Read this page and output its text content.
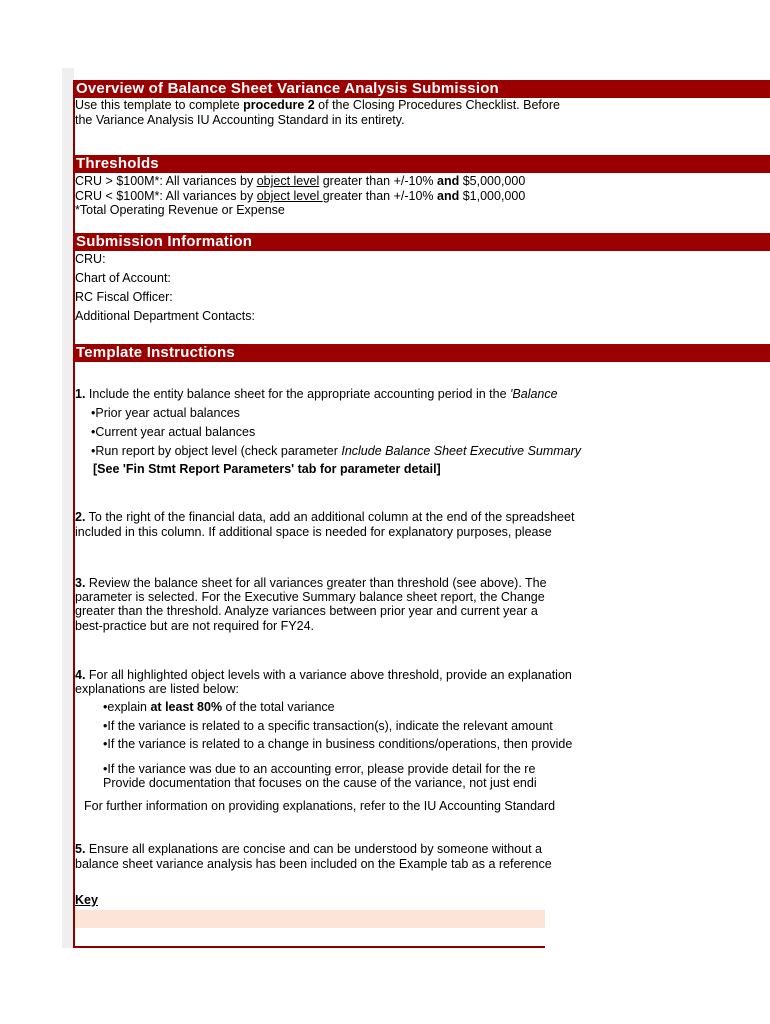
Overview of Balance Sheet Variance Analysis Submission
Use this template to complete procedure 2 of the Closing Procedures Checklist. Before
the Variance Analysis IU Accounting Standard in its entirety.
Thresholds
CRU > $100M*: All variances by object level greater than +/-10% and $5,000,000
CRU < $100M*: All variances by object level greater than +/-10% and $1,000,000
*Total Operating Revenue or Expense
Submission Information
CRU:
Chart of Account:
RC Fiscal Officer:
Additional Department Contacts:
Template Instructions
1. Include the entity balance sheet for the appropriate accounting period in the 'Balance
• Prior year actual balances
• Current year actual balances
• Run report by object level (check parameter Include Balance Sheet Executive Summary
[See 'Fin Stmt Report Parameters' tab for parameter detail]
2. To the right of the financial data, add an additional column at the end of the spreadsheet
included in this column. If additional space is needed for explanatory purposes, please
3. Review the balance sheet for all variances greater than threshold (see above). The
parameter is selected. For the Executive Summary balance sheet report, the Change
greater than the threshold. Analyze variances between prior year and current year a
best-practice but are not required for FY24.
4. For all highlighted object levels with a variance above threshold, provide an explanation
explanations are listed below:
• explain at least 80% of the total variance
• If the variance is related to a specific transaction(s), indicate the relevant amount
• If the variance is related to a change in business conditions/operations, then provide
• If the variance was due to an accounting error, please provide detail for the re
Provide documentation that focuses on the cause of the variance, not just endi
For further information on providing explanations, refer to the IU Accounting Standard
5. Ensure all explanations are concise and can be understood by someone without a
balance sheet variance analysis has been included on the Example tab as a reference
Key
